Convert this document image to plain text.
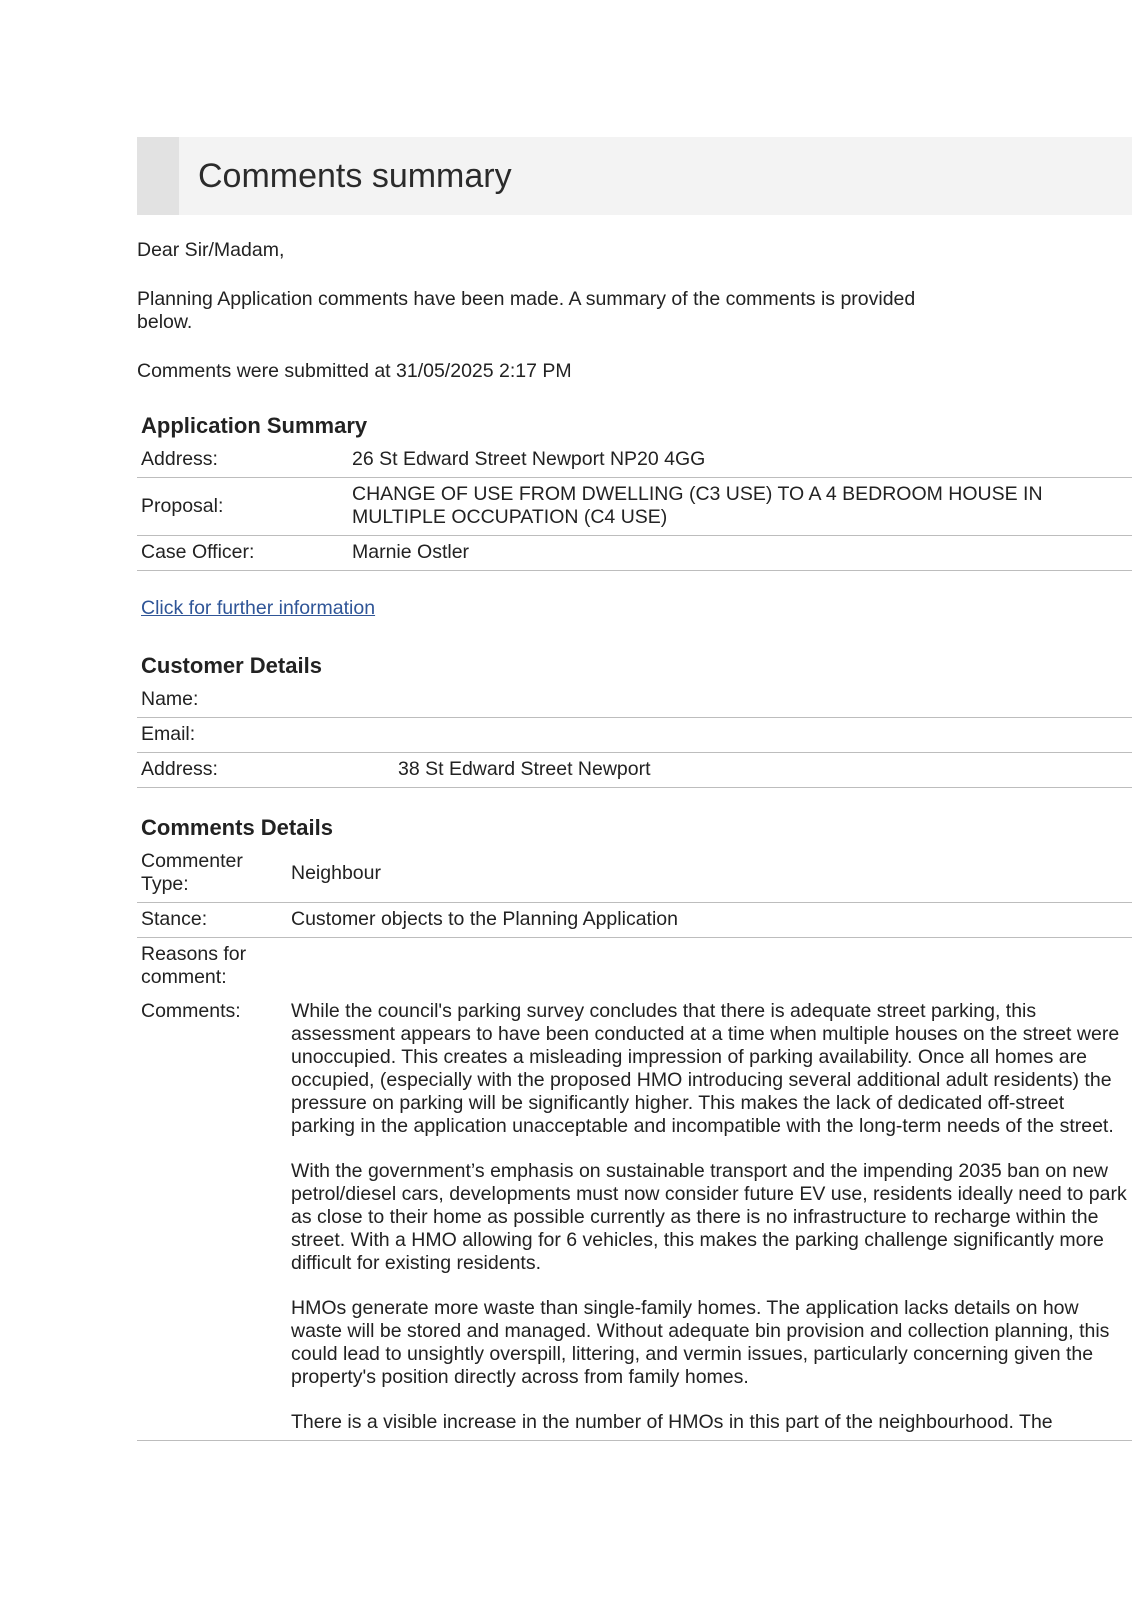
Comments summary

Dear Sir/Madam,

Planning Application comments have been made. A summary of the comments is provided below.

Comments were submitted at 31/05/2025 2:17 PM

Application Summary
Address:	26 St Edward Street Newport NP20 4GG
Proposal:	CHANGE OF USE FROM DWELLING (C3 USE) TO A 4 BEDROOM HOUSE IN MULTIPLE OCCUPATION (C4 USE)
Case Officer:	Marnie Ostler
Click for further information
Customer Details
Name:	
Email:	
Address:	38 St Edward Street Newport
Comments Details
Commenter Type:	Neighbour
Stance:	Customer objects to the Planning Application
Reasons for comment:	
Comments:	While the council's parking survey concludes that there is adequate street parking, this assessment appears to have been conducted at a time when multiple houses on the street were unoccupied. This creates a misleading impression of parking availability. Once all homes are occupied, (especially with the proposed HMO introducing several additional adult residents) the pressure on parking will be significantly higher. This makes the lack of dedicated off-street parking in the application unacceptable and incompatible with the long-term needs of the street.

With the government’s emphasis on sustainable transport and the impending 2035 ban on new petrol/diesel cars, developments must now consider future EV use, residents ideally need to park as close to their home as possible currently as there is no infrastructure to recharge within the street. With a HMO allowing for 6 vehicles, this makes the parking challenge significantly more difficult for existing residents.

HMOs generate more waste than single-family homes. The application lacks details on how waste will be stored and managed. Without adequate bin provision and collection planning, this could lead to unsightly overspill, littering, and vermin issues, particularly concerning given the property's position directly across from family homes.

There is a visible increase in the number of HMOs in this part of the neighbourhood. The
